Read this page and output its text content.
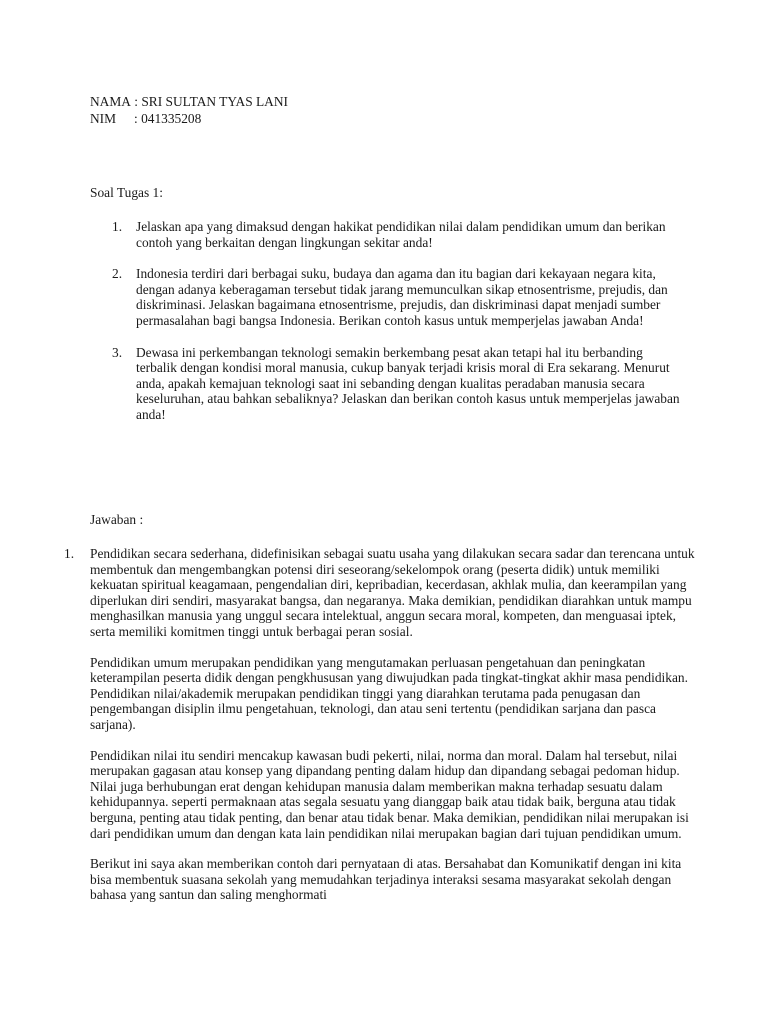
NAMA
: SRI SULTAN TYAS LANI
NIM	: 041335208
Soal Tugas 1:
1.	Jelaskan apa yang dimaksud dengan hakikat pendidikan nilai dalam pendidikan umum dan berikan contoh yang berkaitan dengan lingkungan sekitar anda!

2.	Indonesia terdiri dari berbagai suku, budaya dan agama dan itu bagian dari kekayaan negara kita, dengan adanya keberagaman tersebut tidak jarang memunculkan sikap etnosentrisme, prejudis, dan diskriminasi. Jelaskan bagaimana etnosentrisme, prejudis, dan diskriminasi dapat menjadi sumber permasalahan bagi bangsa Indonesia. Berikan contoh kasus untuk memperjelas jawaban Anda!

3.	Dewasa ini perkembangan teknologi semakin berkembang pesat akan tetapi hal itu berbanding terbalik dengan kondisi moral manusia, cukup banyak terjadi krisis moral di Era sekarang. Menurut anda, apakah kemajuan teknologi saat ini sebanding dengan kualitas peradaban manusia secara keseluruhan, atau bahkan sebaliknya? Jelaskan dan berikan contoh kasus untuk memperjelas jawaban anda!

Jawaban :
1.	Pendidikan secara sederhana, didefinisikan sebagai suatu usaha yang dilakukan secara sadar dan terencana untuk membentuk dan mengembangkan potensi diri seseorang/sekelompok orang (peserta didik) untuk memiliki kekuatan spiritual keagamaan, pengendalian diri, kepribadian, kecerdasan, akhlak mulia, dan keerampilan yang diperlukan diri sendiri, masyarakat bangsa, dan negaranya. Maka demikian, pendidikan diarahkan untuk mampu menghasilkan manusia yang unggul secara intelektual, anggun secara moral, kompeten, dan menguasai iptek, serta memiliki komitmen tinggi untuk berbagai peran sosial.

Pendidikan umum merupakan pendidikan yang mengutamakan perluasan pengetahuan dan peningkatan keterampilan peserta didik dengan pengkhususan yang diwujudkan pada tingkat-tingkat akhir masa pendidikan. Pendidikan nilai/akademik merupakan pendidikan tinggi yang diarahkan terutama pada penugasan dan pengembangan disiplin ilmu pengetahuan, teknologi, dan atau seni tertentu (pendidikan sarjana dan pasca sarjana).

Pendidikan nilai itu sendiri mencakup kawasan budi pekerti, nilai, norma dan moral. Dalam hal tersebut, nilai merupakan gagasan atau konsep yang dipandang penting dalam hidup dan dipandang sebagai pedoman hidup. Nilai juga berhubungan erat dengan kehidupan manusia dalam memberikan makna terhadap sesuatu dalam kehidupannya. seperti permaknaan atas segala sesuatu yang dianggap baik atau tidak baik, berguna atau tidak berguna, penting atau tidak penting, dan benar atau tidak benar. Maka demikian, pendidikan nilai merupakan isi dari pendidikan umum dan dengan kata lain pendidikan nilai merupakan bagian dari tujuan pendidikan umum.

Berikut ini saya akan memberikan contoh dari pernyataan di atas. Bersahabat dan Komunikatif dengan ini kita bisa membentuk suasana sekolah yang memudahkan terjadinya interaksi sesama masyarakat sekolah dengan bahasa yang santun dan saling menghormati
